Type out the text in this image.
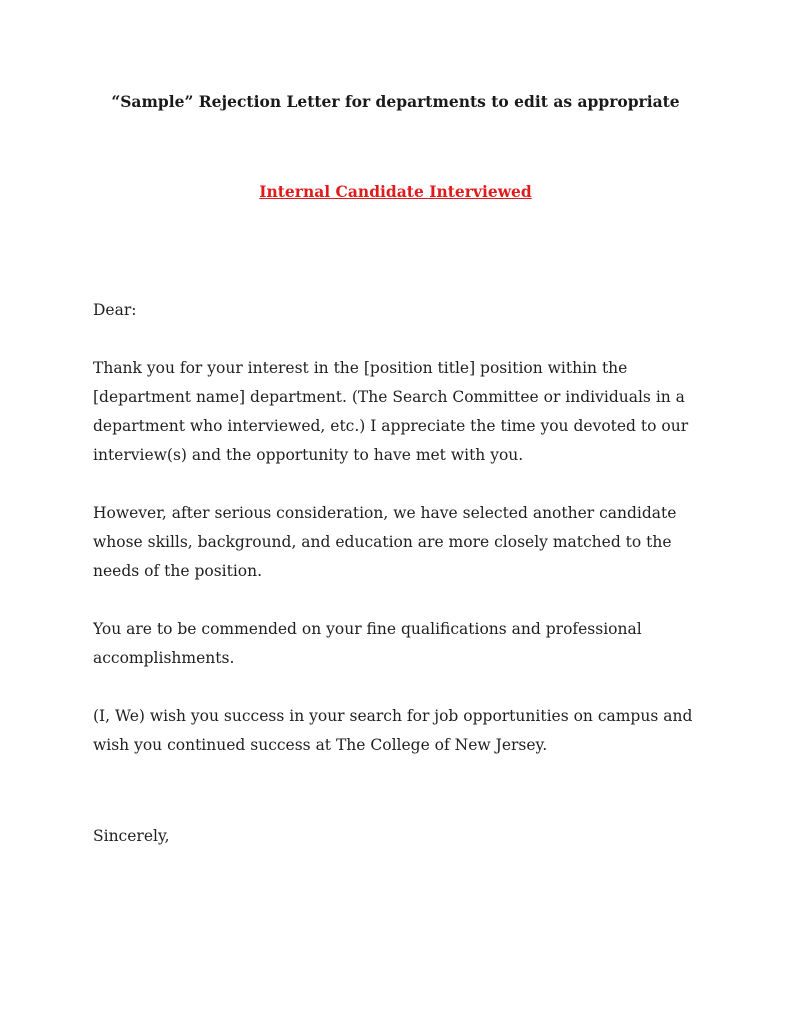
“Sample” Rejection Letter for departments to edit as appropriate
Internal Candidate Interviewed
Dear:

Thank you for your interest in the [position title] position within the [department name] department. (The Search Committee or individuals in a department who interviewed, etc.) I appreciate the time you devoted to our interview(s) and the opportunity to have met with you.

However, after serious consideration, we have selected another candidate whose skills, background, and education are more closely matched to the needs of the position.

You are to be commended on your fine qualifications and professional accomplishments.

(I, We) wish you success in your search for job opportunities on campus and wish you continued success at The College of New Jersey.

Sincerely,
